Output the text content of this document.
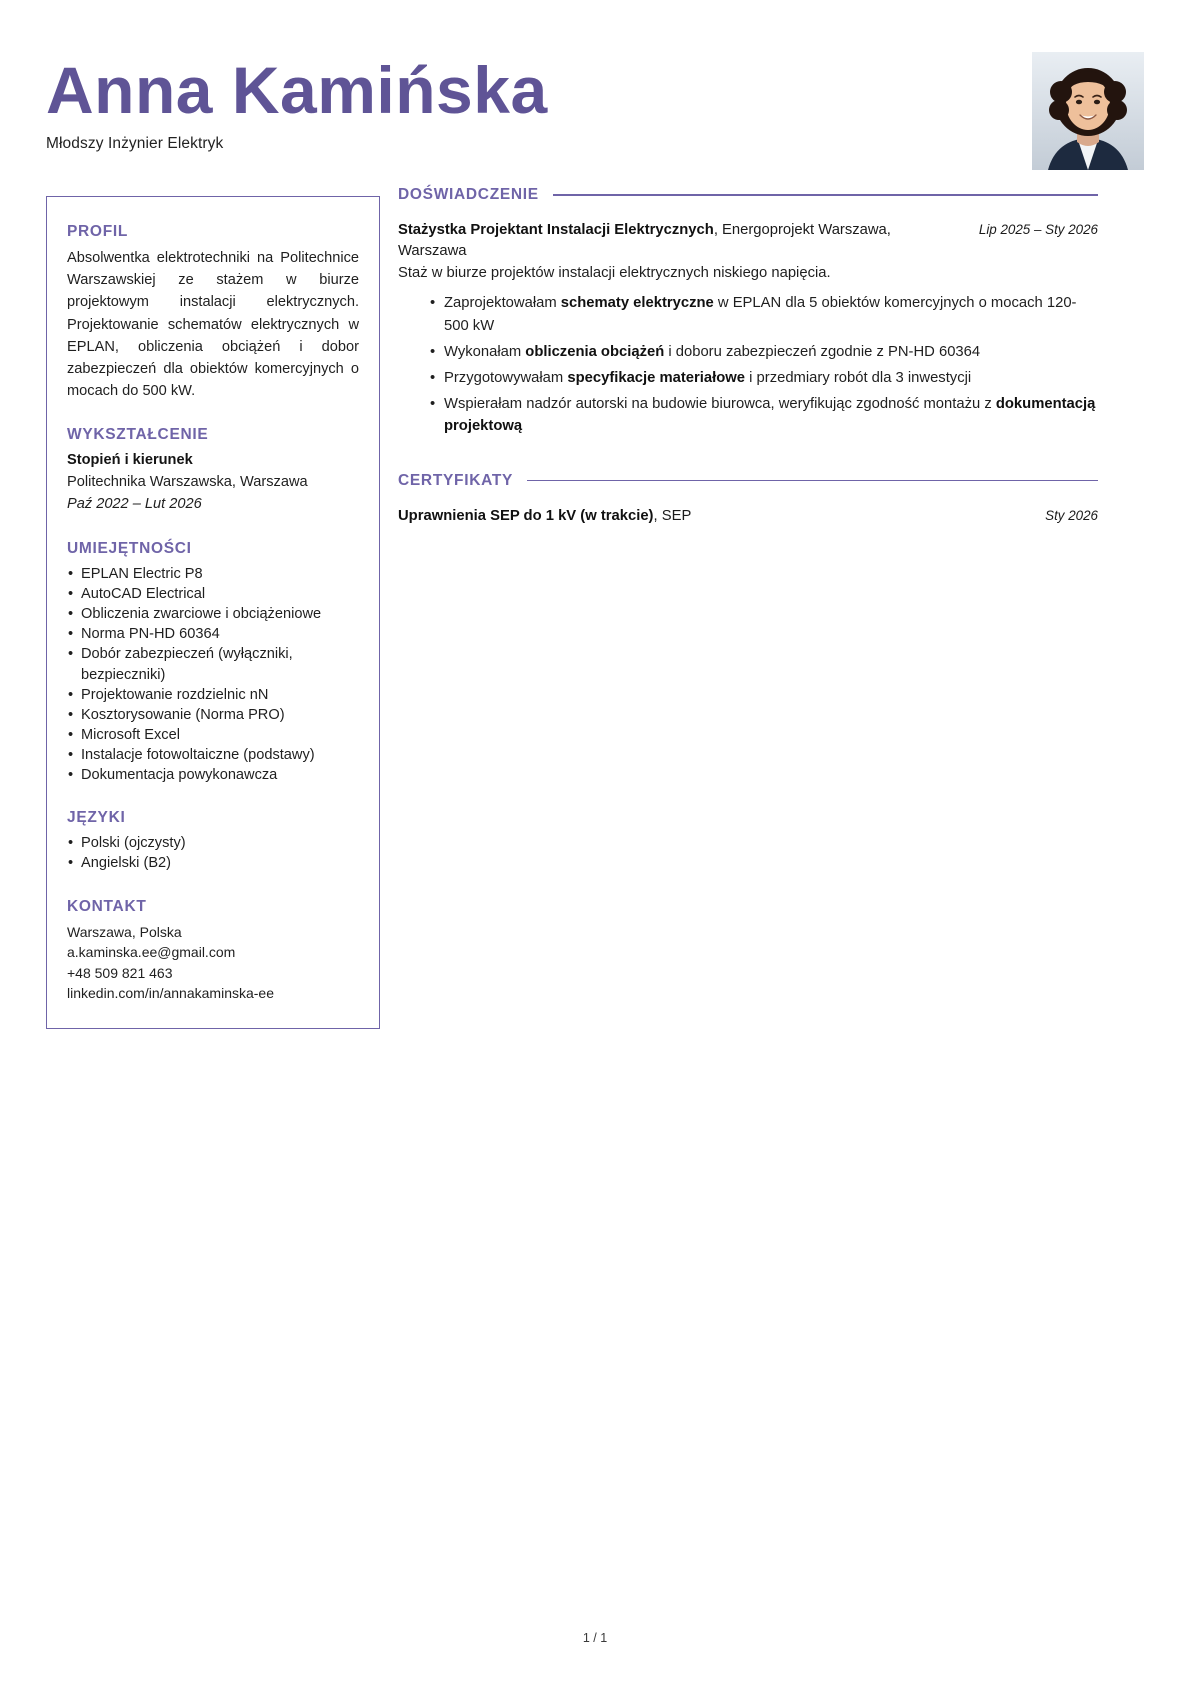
Anna Kamińska
Młodszy Inżynier Elektryk
PROFIL
Absolwentka elektrotechniki na Politechnice Warszawskiej ze stażem w biurze projektowym instalacji elektrycznych. Projektowanie schematów elektrycznych w EPLAN, obliczenia obciążeń i dobor zabezpieczeń dla obiektów komercyjnych o mocach do 500 kW.
WYKSZTAŁCENIE
Stopień i kierunek
Politechnika Warszawska, Warszawa
Paź 2022 – Lut 2026
UMIEJĘTNOŚCI
• EPLAN Electric P8
• AutoCAD Electrical
• Obliczenia zwarciowe i obciążeniowe
• Norma PN-HD 60364
• Dobór zabezpieczeń (wyłączniki, bezpieczniki)
• Projektowanie rozdzielnic nN
• Kosztorysowanie (Norma PRO)
• Microsoft Excel
• Instalacje fotowoltaiczne (podstawy)
• Dokumentacja powykonawcza
JĘZYKI
• Polski (ojczysty)
• Angielski (B2)
KONTAKT
Warszawa, Polska
a.kaminska.ee@gmail.com
+48 509 821 463
linkedin.com/in/annakaminska-ee
DOŚWIADCZENIE
Stażystka Projektant Instalacji Elektrycznych, Energoprojekt Warszawa, Warszawa
Lip 2025 – Sty 2026
Staż w biurze projektów instalacji elektrycznych niskiego napięcia.
• Zaprojektowałam schematy elektryczne w EPLAN dla 5 obiektów komercyjnych o mocach 120-500 kW
• Wykonałam obliczenia obciążeń i doboru zabezpieczeń zgodnie z PN-HD 60364
• Przygotowywałam specyfikacje materiałowe i przedmiary robót dla 3 inwestycji
• Wspierałam nadzór autorski na budowie biurowca, weryfikując zgodność montażu z dokumentacją projektową
CERTYFIKATY
Uprawnienia SEP do 1 kV (w trakcie), SEP	Sty 2026
1 / 1
